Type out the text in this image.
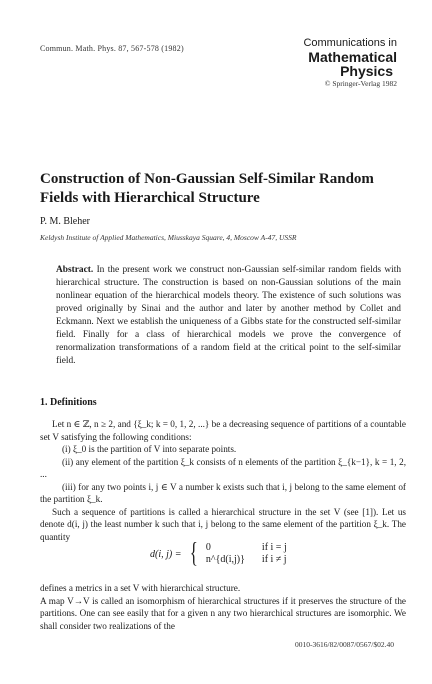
Commun. Math. Phys. 87, 567-578 (1982)	Communications in
Mathematical
Physics
© Springer-Verlag 1982
Construction of Non-Gaussian Self-Similar Random Fields with Hierarchical Structure
P. M. Bleher
Keldysh Institute of Applied Mathematics, Miusskaya Square, 4, Moscow A-47, USSR
Abstract. In the present work we construct non-Gaussian self-similar random fields with hierarchical structure. The construction is based on non-Gaussian solutions of the main nonlinear equation of the hierarchical models theory. The existence of such solutions was proved originally by Sinai and the author and later by another method by Collet and Eckmann. Next we establish the uniqueness of a Gibbs state for the constructed self-similar field. Finally for a class of hierarchical models we prove the convergence of renormalization transformations of a random field at the critical point to the self-similar field.
1. Definitions

Let n ∈ ℤ, n ≥ 2, and {ξ_k; k = 0, 1, 2, ...} be a decreasing sequence of partitions of a countable set V satisfying the following conditions:

(i) ξ_0 is the partition of V into separate points.

(ii) any element of the partition ξ_k consists of n elements of the partition ξ_{k−1}, k = 1, 2, ...

(iii) for any two points i, j ∈ V a number k exists such that i, j belong to the same element of the partition ξ_k.

Such a sequence of partitions is called a hierarchical structure in the set V (see [1]). Let us denote d(i, j) the least number k such that i, j belong to the same element of the partition ξ_k. The quantity

d(i, j) = { 0	if i = j
n^{d(i,j)} if i ≠ j

defines a metrics in a set V with hierarchical structure.

A map V→V is called an isomorphism of hierarchical structures if it preserves the structure of the partitions. One can see easily that for a given n any two hierarchical structures are isomorphic. We shall consider two realizations of the

0010-3616/82/0087/0567/$02.40
